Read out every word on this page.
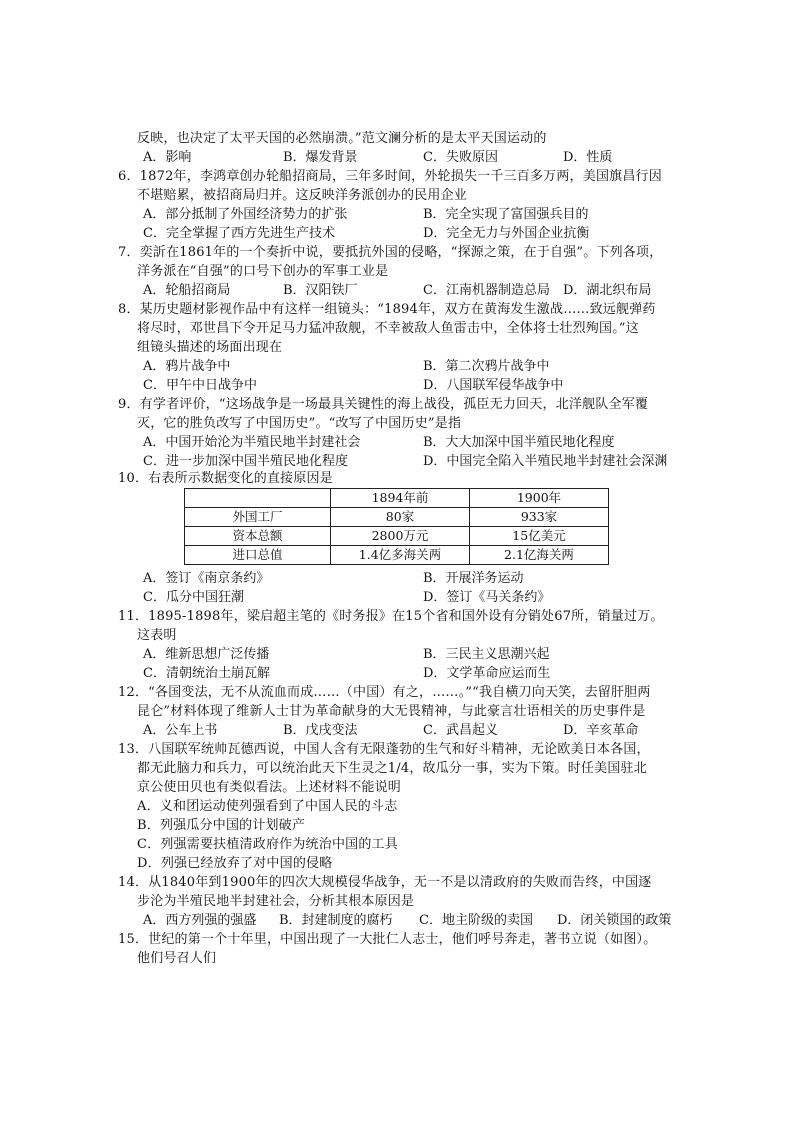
反映，也决定了太平天国的必然崩溃。”范文澜分析的是太平天国运动的
A．影响	B．爆发背景	C．失败原因	D．性质
6．1872年，李鸿章创办轮船招商局，三年多时间，外轮损失一千三百多万两，美国旗昌行因
不堪赔累，被招商局归并。这反映洋务派创办的民用企业
A．部分抵制了外国经济势力的扩张	B．完全实现了富国强兵目的
C．完全掌握了西方先进生产技术	D．完全无力与外国企业抗衡
7．奕訢在1861年的一个奏折中说，要抵抗外国的侵略，“探源之策，在于自强”。下列各项，
洋务派在“自强”的口号下创办的军事工业是
A．轮船招商局	B．汉阳铁厂	C．江南机器制造总局 D．湖北织布局
8．某历史题材影视作品中有这样一组镜头：“1894年，双方在黄海发生激战……致远舰弹药
将尽时，邓世昌下令开足马力猛冲敌舰，不幸被敌人鱼雷击中，全体将士壮烈殉国。”这
组镜头描述的场面出现在
A．鸦片战争中	B．第二次鸦片战争中
C．甲午中日战争中	D．八国联军侵华战争中
9．有学者评价，“这场战争是一场最具关键性的海上战役，孤臣无力回天，北洋舰队全军覆
灭，它的胜负改写了中国历史”。“改写了中国历史”是指
A．中国开始沦为半殖民地半封建社会	B．大大加深中国半殖民地化程度
C．进一步加深中国半殖民地化程度	D．中国完全陷入半殖民地半封建社会深渊
10．右表所示数据变化的直接原因是
	1894年前	1900年
外国工厂	80家	933家
资本总额	2800万元	15亿美元
进口总值	1.4亿多海关两	2.1亿海关两
A．签订《南京条约》	B．开展洋务运动
C．瓜分中国狂潮	D．签订《马关条约》
11．1895-1898年，梁启超主笔的《时务报》在15个省和国外设有分销处67所，销量过万。
这表明
A．维新思想广泛传播	B．三民主义思潮兴起
C．清朝统治土崩瓦解	D．文学革命应运而生
12．“各国变法，无不从流血而成……（中国）有之，……。”“我自横刀向天笑，去留肝胆两
昆仑”材料体现了维新人士甘为革命献身的大无畏精神，与此豪言壮语相关的历史事件是
A．公车上书	B．戊戌变法	C．武昌起义	D．辛亥革命
13．八国联军统帅瓦德西说，中国人含有无限蓬勃的生气和好斗精神，无论欧美日本各国，
都无此脑力和兵力，可以统治此天下生灵之1/4，故瓜分一事，实为下策。时任美国驻北
京公使田贝也有类似看法。上述材料不能说明
A．义和团运动使列强看到了中国人民的斗志
B．列强瓜分中国的计划破产
C．列强需要扶植清政府作为统治中国的工具
D．列强已经放弃了对中国的侵略
14．从1840年到1900年的四次大规模侵华战争，无一不是以清政府的失败而告终，中国逐
步沦为半殖民地半封建社会，分析其根本原因是
A．西方列强的强盛 B．封建制度的腐朽 C．地主阶级的卖国 D．闭关锁国的政策
15．世纪的第一个十年里，中国出现了一大批仁人志士，他们呼号奔走，著书立说（如图）。
他们号召人们
